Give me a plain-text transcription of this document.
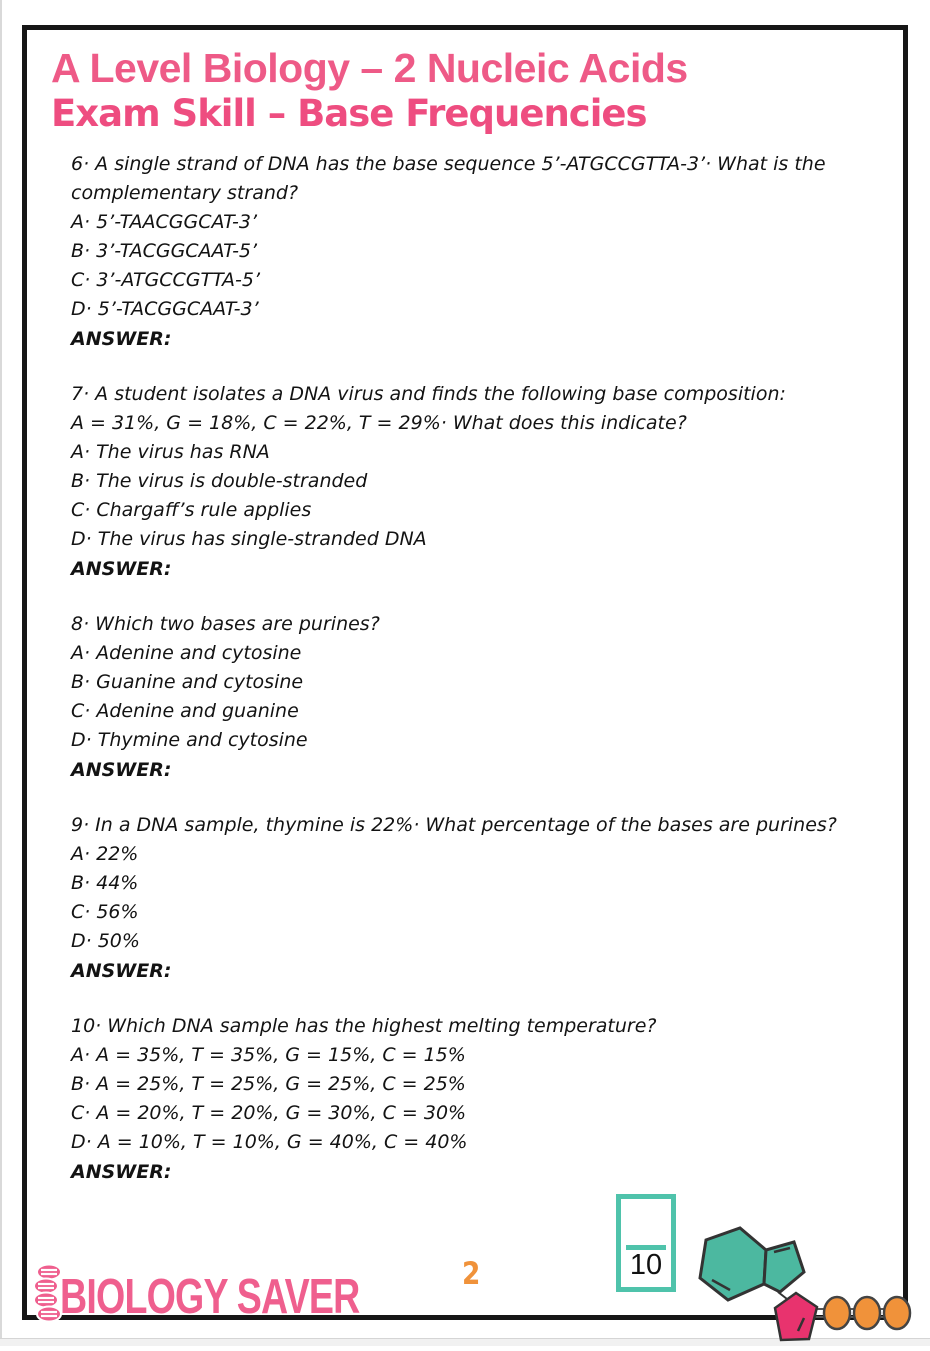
A Level Biology – 2 Nucleic Acids
Exam Skill – Base Frequencies
6· A single strand of DNA has the base sequence 5’-ATGCCGTTA-3’· What is the
complementary strand?
A· 5’-TAACGGCAT-3’
B· 3’-TACGGCAAT-5’
C· 3’-ATGCCGTTA-5’
D· 5’-TACGGCAAT-3’
ANSWER:
7· A student isolates a DNA virus and finds the following base composition:
A = 31%, G = 18%, C = 22%, T = 29%· What does this indicate?
A· The virus has RNA
B· The virus is double-stranded
C· Chargaff’s rule applies
D· The virus has single-stranded DNA
ANSWER:
8· Which two bases are purines?
A· Adenine and cytosine
B· Guanine and cytosine
C· Adenine and guanine
D· Thymine and cytosine
ANSWER:
9· In a DNA sample, thymine is 22%· What percentage of the bases are purines?
A· 22%
B· 44%
C· 56%
D· 50%
ANSWER:
10· Which DNA sample has the highest melting temperature?
A· A = 35%, T = 35%, G = 15%, C = 15%
B· A = 25%, T = 25%, G = 25%, C = 25%
C· A = 20%, T = 20%, G = 30%, C = 30%
D· A = 10%, T = 10%, G = 40%, C = 40%
ANSWER:
BIOLOGY SAVER	2	10
